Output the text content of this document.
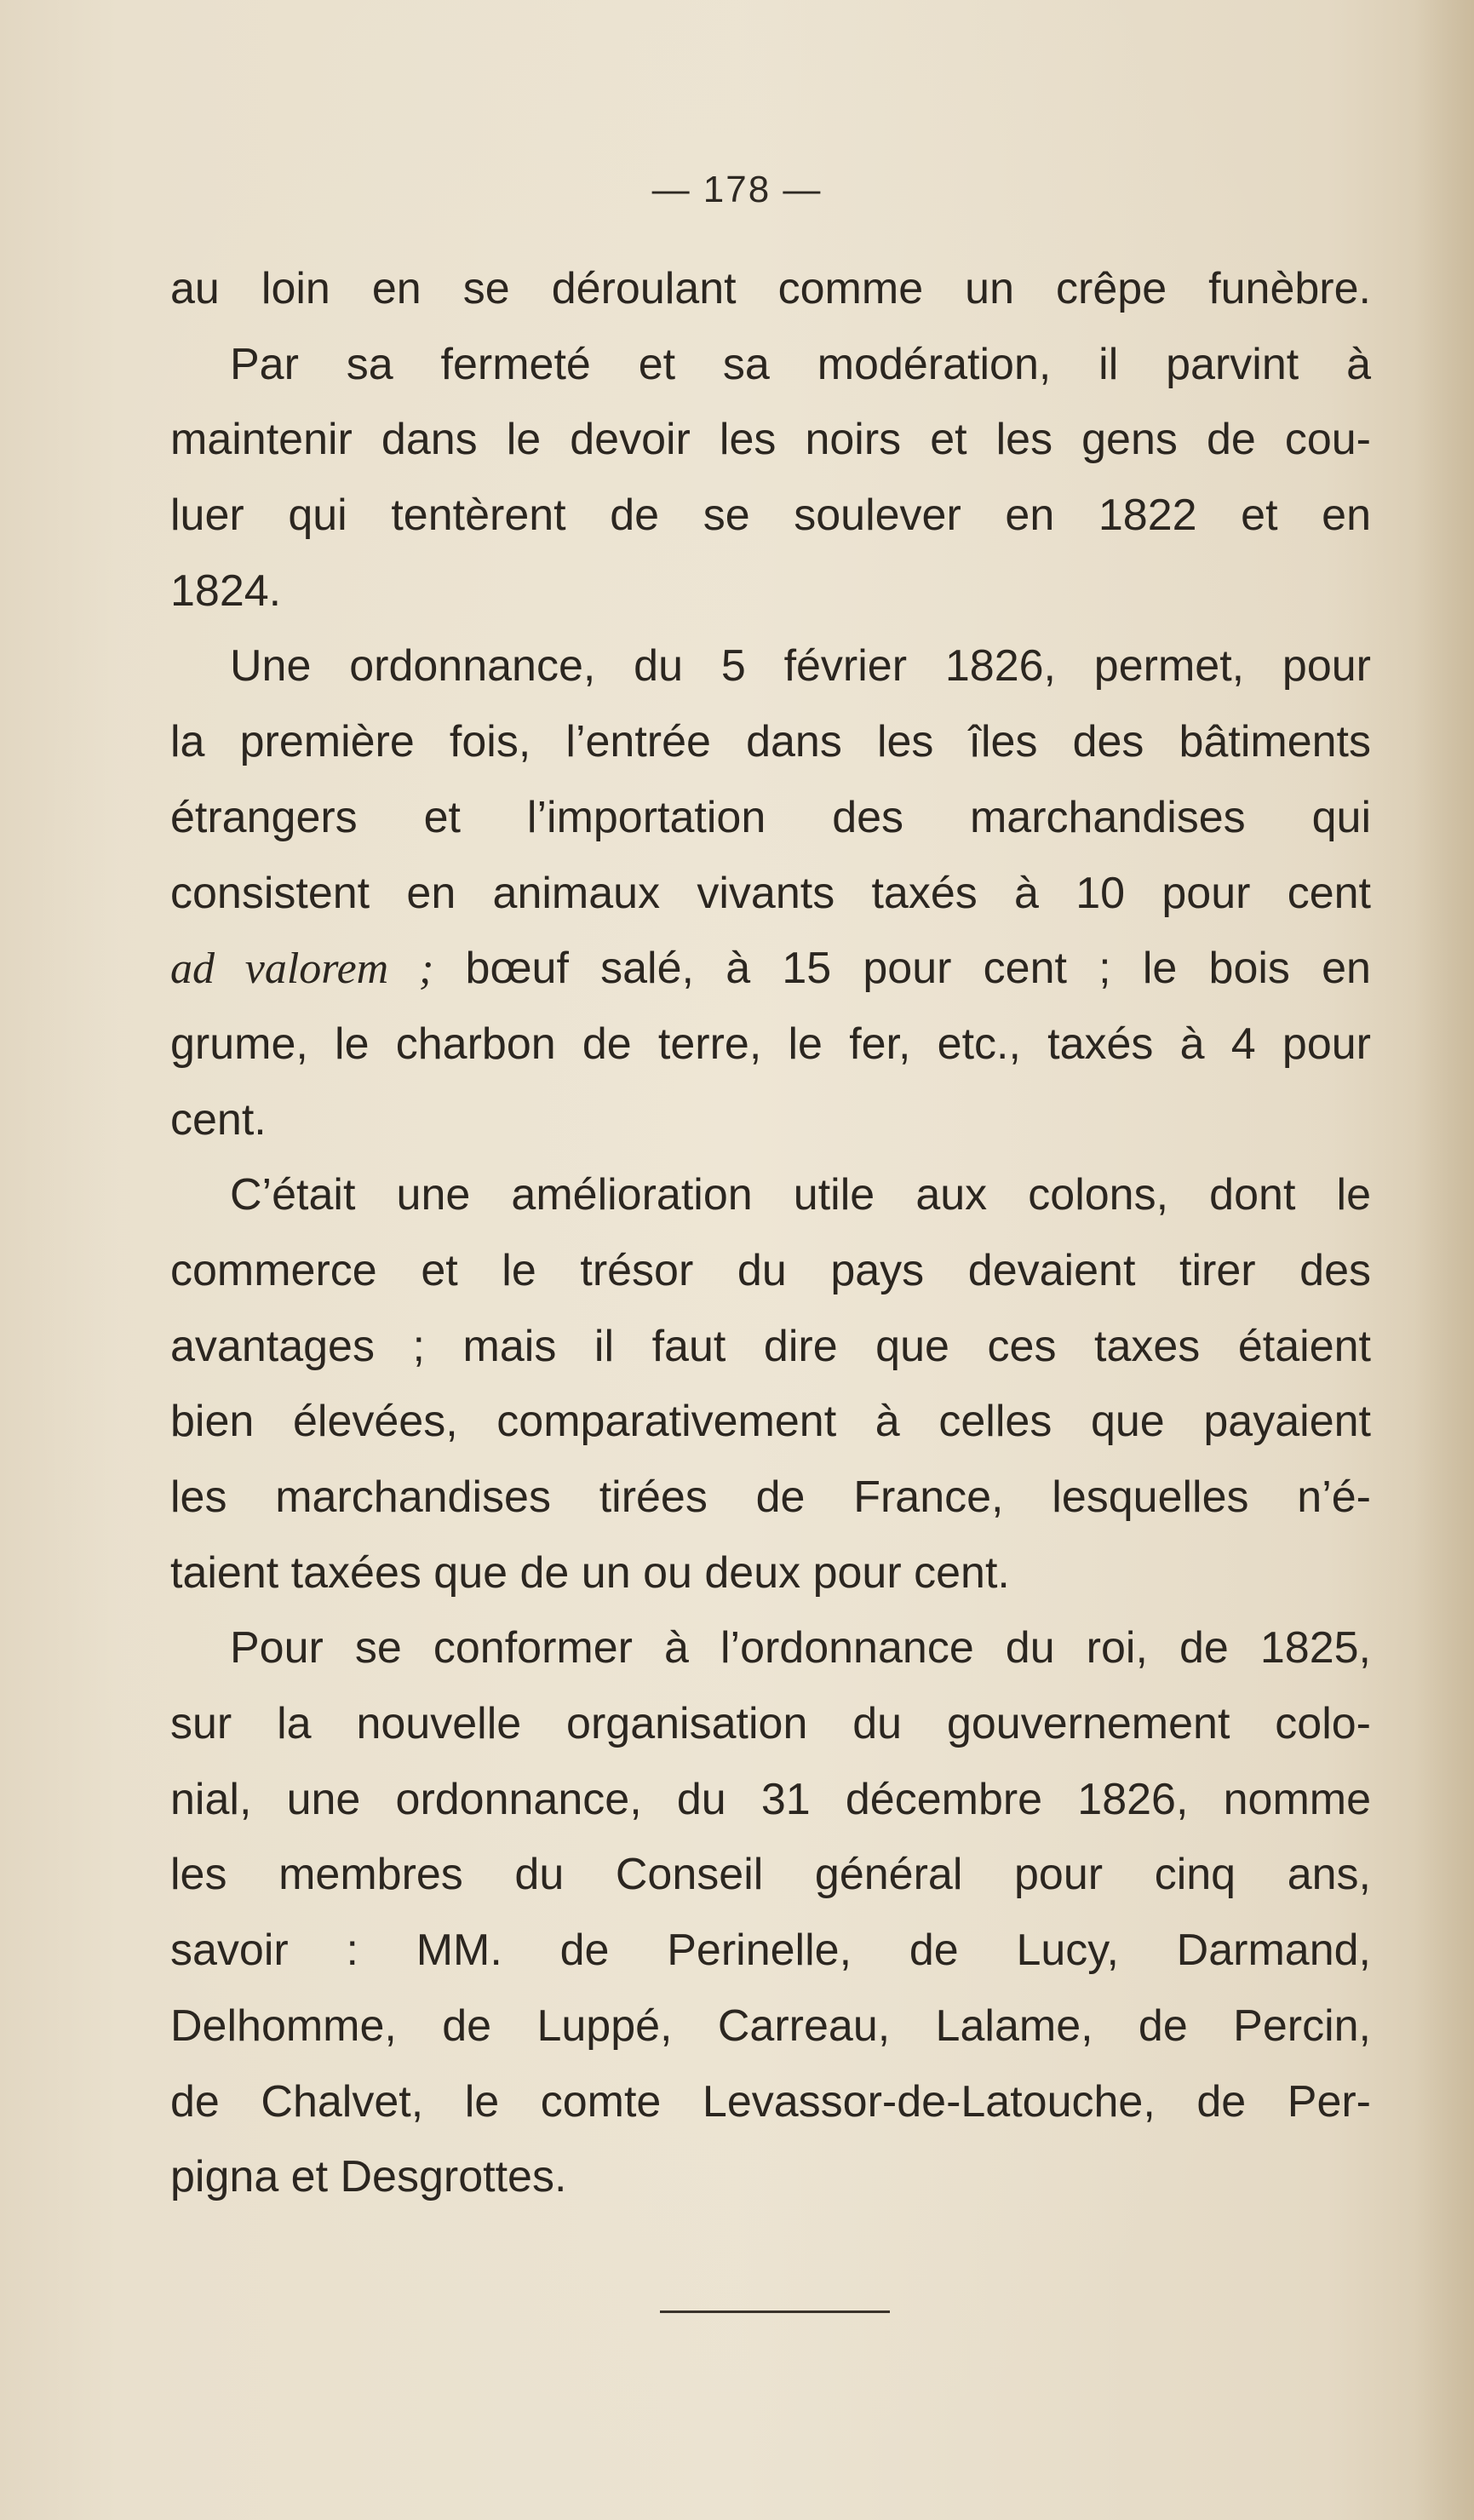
— 178 —
au loin en se déroulant comme un crêpe funèbre.
Par sa fermeté et sa modération, il parvint à
maintenir dans le devoir les noirs et les gens de cou-
luer qui tentèrent de se soulever en 1822 et en
1824.
Une ordonnance, du 5 février 1826, permet, pour
la première fois, l’entrée dans les îles des bâtiments
étrangers et l’importation des marchandises qui
consistent en animaux vivants taxés à 10 pour cent
ad valorem ; bœuf salé, à 15 pour cent ; le bois en
grume, le charbon de terre, le fer, etc., taxés à 4 pour
cent.
C’était une amélioration utile aux colons, dont le
commerce et le trésor du pays devaient tirer des
avantages ; mais il faut dire que ces taxes étaient
bien élevées, comparativement à celles que payaient
les marchandises tirées de France, lesquelles n’é-
taient taxées que de un ou deux pour cent.
Pour se conformer à l’ordonnance du roi, de 1825,
sur la nouvelle organisation du gouvernement colo-
nial, une ordonnance, du 31 décembre 1826, nomme
les membres du Conseil général pour cinq ans,
savoir : MM. de Perinelle, de Lucy, Darmand,
Delhomme, de Luppé, Carreau, Lalame, de Percin,
de Chalvet, le comte Levassor-de-Latouche, de Per-
pigna et Desgrottes.
